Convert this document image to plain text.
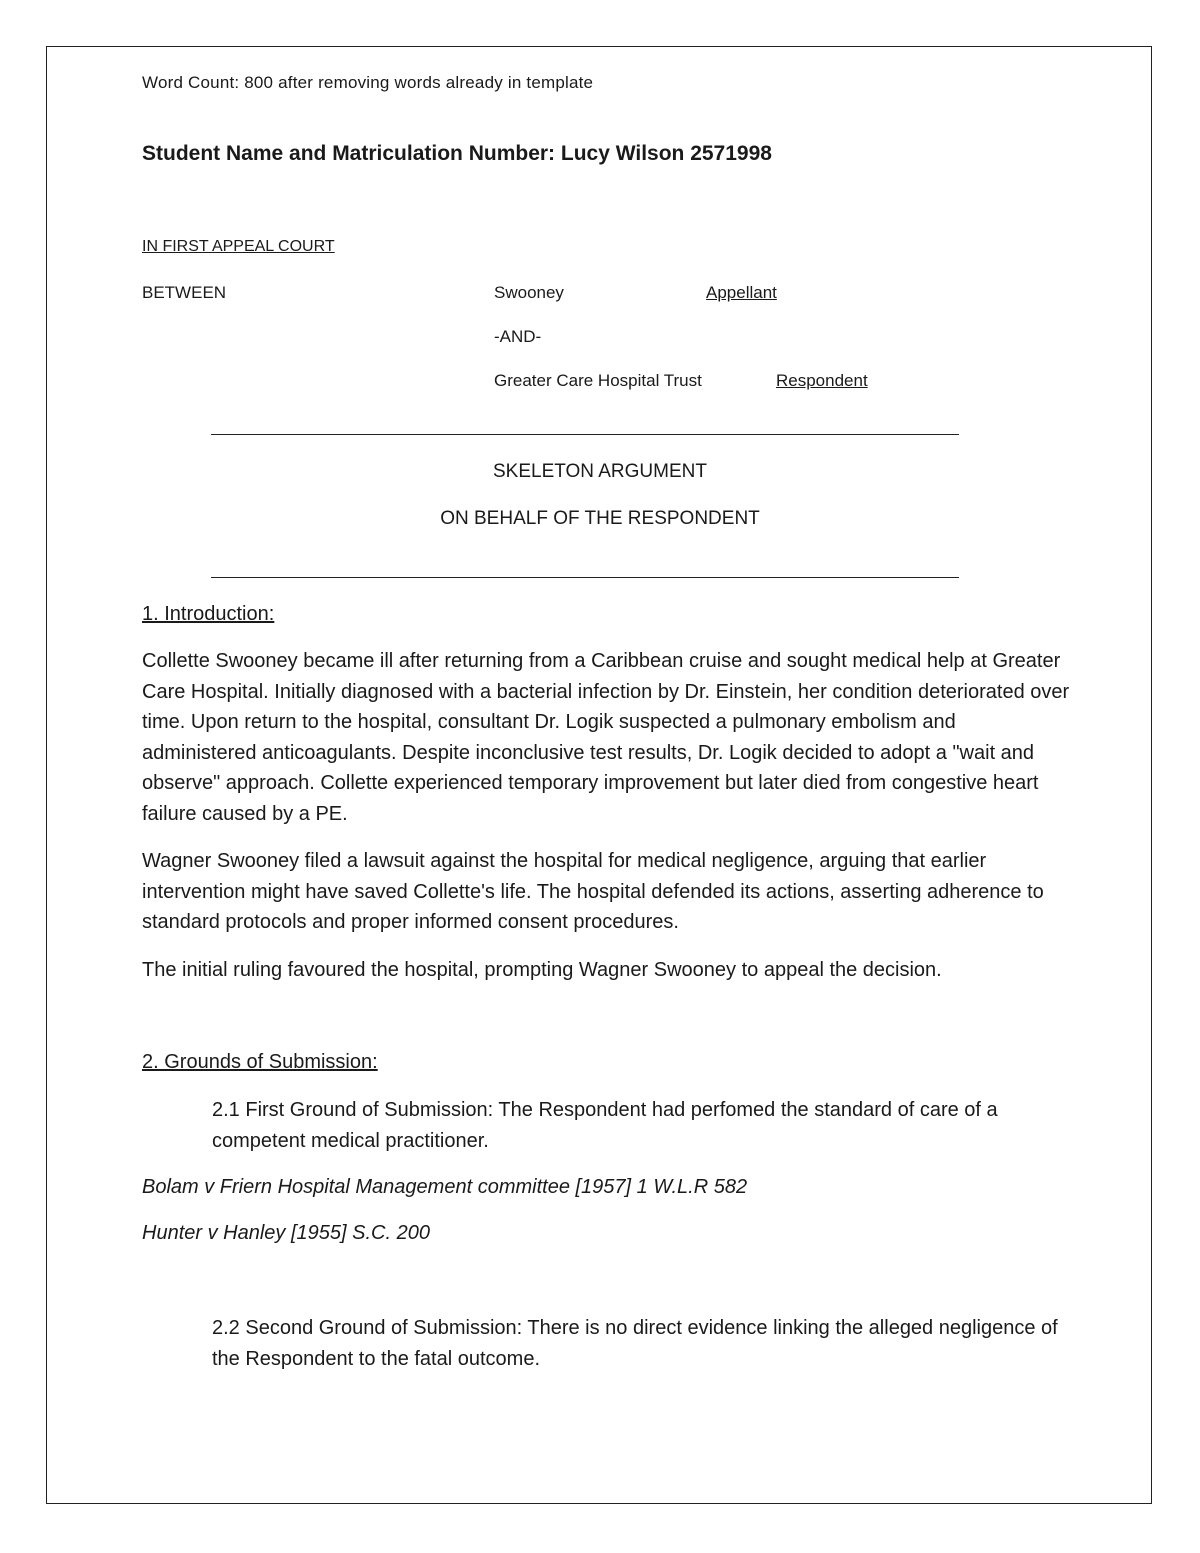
Word Count: 800 after removing words already in template
Student Name and Matriculation Number: Lucy Wilson 2571998
IN FIRST APPEAL COURT
BETWEEN	Swooney	Appellant
-AND-
Greater Care Hospital Trust	Respondent
SKELETON ARGUMENT
ON BEHALF OF THE RESPONDENT
1. Introduction:

Collette Swooney became ill after returning from a Caribbean cruise and sought medical help at Greater Care Hospital. Initially diagnosed with a bacterial infection by Dr. Einstein, her condition deteriorated over time. Upon return to the hospital, consultant Dr. Logik suspected a pulmonary embolism and administered anticoagulants. Despite inconclusive test results, Dr. Logik decided to adopt a "wait and observe" approach. Collette experienced temporary improvement but later died from congestive heart failure caused by a PE.

Wagner Swooney filed a lawsuit against the hospital for medical negligence, arguing that earlier intervention might have saved Collette's life. The hospital defended its actions, asserting adherence to standard protocols and proper informed consent procedures.

The initial ruling favoured the hospital, prompting Wagner Swooney to appeal the decision.

2. Grounds of Submission:

2.1 First Ground of Submission: The Respondent had perfomed the standard of care of a competent medical practitioner.

Bolam v Friern Hospital Management committee [1957] 1 W.L.R 582
Hunter v Hanley [1955] S.C. 200

2.2 Second Ground of Submission: There is no direct evidence linking the alleged negligence of the Respondent to the fatal outcome.
